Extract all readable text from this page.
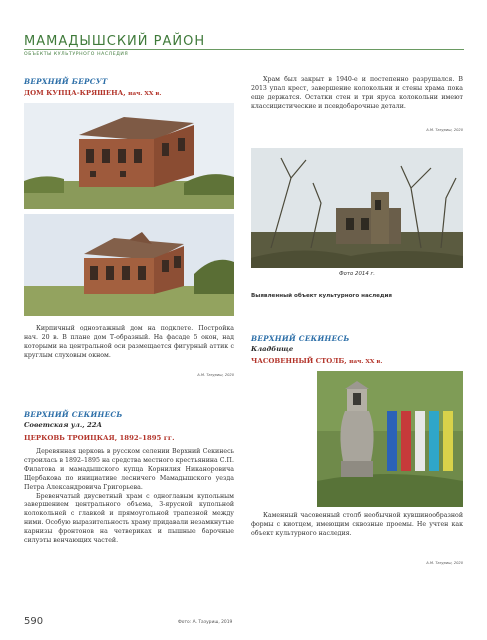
МАМАДЫШСКИЙ РАЙОН
ОБЪЕКТЫ КУЛЬТУРНОГО НАСЛЕДИЯ
ВЕРХНИЙ БЕРСУТ
ДОМ КУПЦА-КРЯШЕНА, нач. XX в.

Кирпичный одноэтажный дом на подклете. Постройка нач. 20 в. В плане дом Т-образный. На фасаде 5 окон, над которыми на центральной оси размещается фигурный аттик с круглым слуховым окном.

А.М. Тазуриш, 2020
ВЕРХНИЙ СЕКИНЕСЬ
Советская ул., 22А
ЦЕРКОВЬ ТРОИЦКАЯ, 1892–1895 гг.

Деревянная церковь в русском селении Верхний Секинесь строилась в 1892–1895 на средства местного крестьянина С.П. Филатова и мамадышского купца Корнилия Никаноровича Щербакова по инициативе лесничего Мамадышского уезда Петра Александровича Григорьева.

Бревенчатый двусветный храм с одноглавым купольным завершением центрального объема, 3-ярусной купольной колокольней с главкой и прямоугольной трапезной между ними. Особую выразительность храму придавали незамкнутые карнизы фронтонов на четвериках и пышные барочные силуэты венчающих частей.

Храм был закрыт в 1940-е и постепенно разрушался. В 2013 упал крест, завершение колокольни и стены храма пока еще держатся. Остатки стен и три яруса колокольни имеют классицистические и псевдобарочные детали.

А.М. Тазуриш, 2020
Фото 2014 г.
Выявленный объект культурного наследия
ВЕРХНИЙ СЕКИНЕСЬ
Кладбище
ЧАСОВЕННЫЙ СТОЛБ, нач. XX в.

Каменный часовенный столб необычной кувшинообразной формы с киотцем, имеющим сквозные проемы. Не учтен как объект культурного наследия.

А.М. Тазуриш, 2020
590	Фото: А. Тазуриш, 2019
